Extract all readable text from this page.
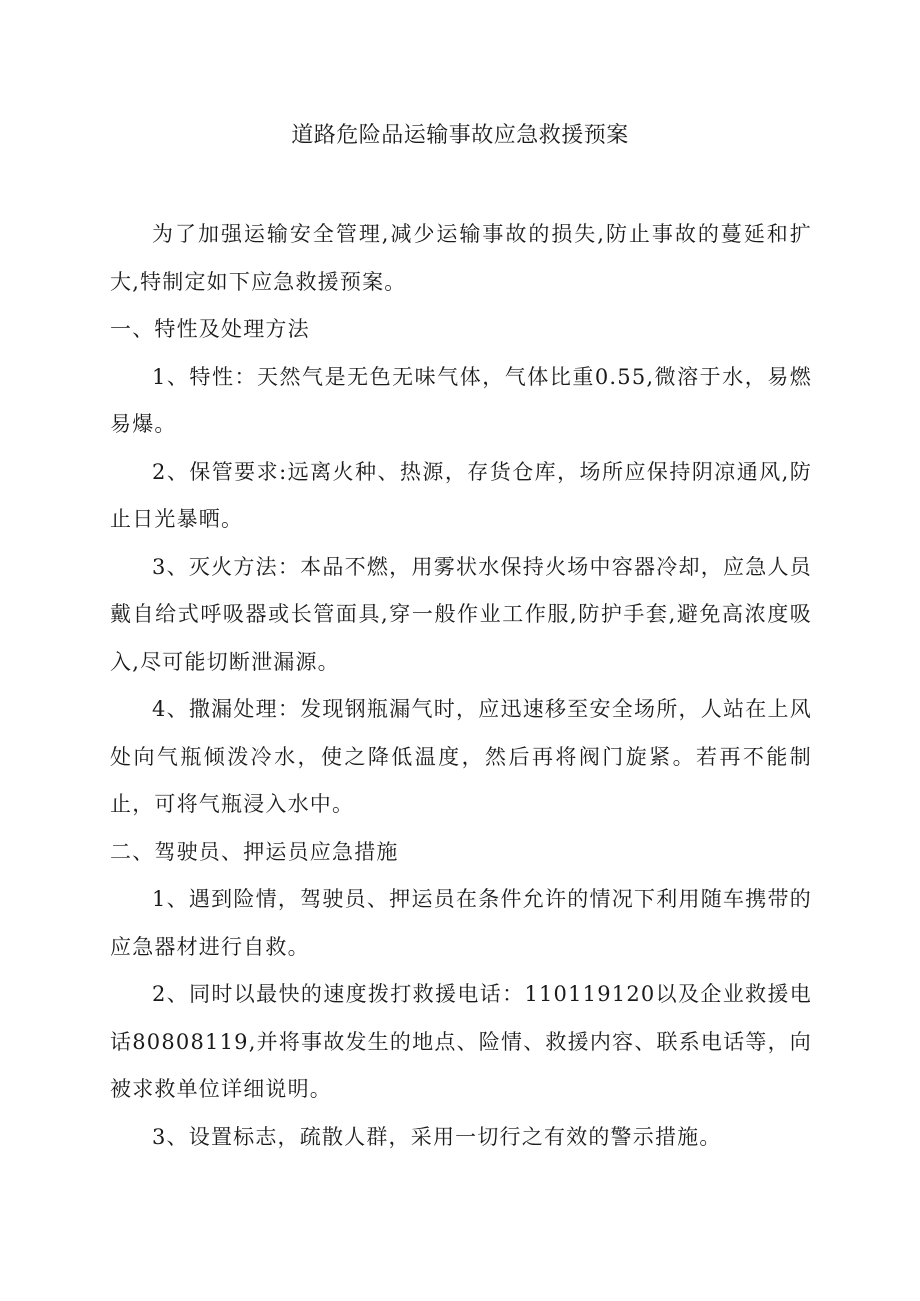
道路危险品运输事故应急救援预案

为了加强运输安全管理,减少运输事故的损失,防止事故的蔓延和扩大,特制定如下应急救援预案。

一、特性及处理方法

1、特性：天然气是无色无味气体，气体比重0.55,微溶于水，易燃易爆。

2、保管要求:远离火种、热源，存货仓库，场所应保持阴凉通风,防止日光暴晒。

3、灭火方法：本品不燃，用雾状水保持火场中容器冷却，应急人员戴自给式呼吸器或长管面具,穿一般作业工作服,防护手套,避免高浓度吸入,尽可能切断泄漏源。

4、撒漏处理：发现钢瓶漏气时，应迅速移至安全场所，人站在上风处向气瓶倾泼冷水，使之降低温度，然后再将阀门旋紧。若再不能制止，可将气瓶浸入水中。

二、驾驶员、押运员应急措施

1、遇到险情，驾驶员、押运员在条件允许的情况下利用随车携带的应急器材进行自救。

2、同时以最快的速度拨打救援电话：110119120以及企业救援电话80808119,并将事故发生的地点、险情、救援内容、联系电话等，向被求救单位详细说明。

3、设置标志，疏散人群，采用一切行之有效的警示措施。
